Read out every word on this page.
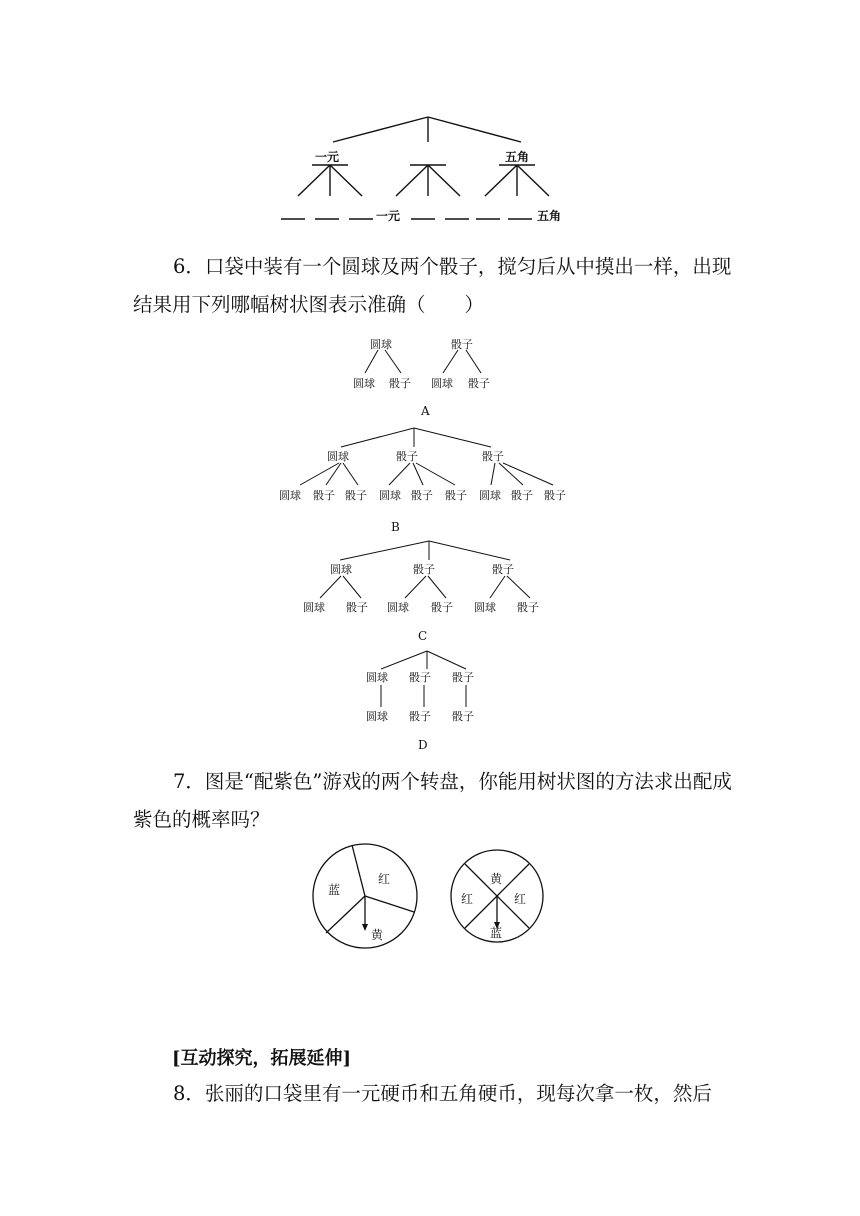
一元	五角
一元	五角
6．口袋中装有一个圆球及两个骰子，搅匀后从中摸出一样，出现结果用下列哪幅树状图表示准确（　　）
圆球	骰子
圆球 骰子 圆球 骰子
A
圆球	骰子	骰子
圆球 骰子 骰子 圆球 骰子 骰子 圆球 骰子 骰子
B
圆球	骰子	骰子
圆球 骰子 圆球 骰子 圆球 骰子
C
圆球 骰子 骰子
圆球 骰子 骰子
D
7．图是“配紫色”游戏的两个转盘，你能用树状图的方法求出配成紫色的概率吗？
蓝
红
黄
黄
红	红
蓝
[互动探究，拓展延伸]
8．张丽的口袋里有一元硬币和五角硬币，现每次拿一枚，然后
